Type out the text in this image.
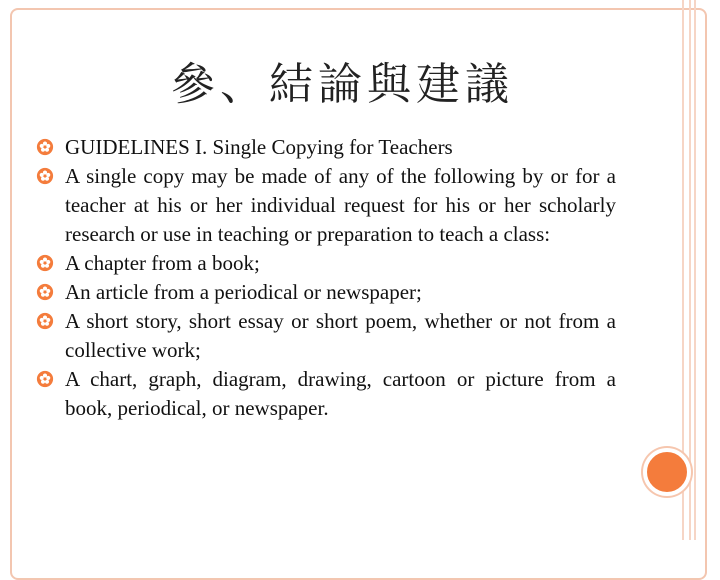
參、結論與建議
GUIDELINES I. Single Copying for Teachers
A single copy may be made of any of the following by or for a teacher at his or her individual request for his or her scholarly research or use in teaching or preparation to teach a class:
A chapter from a book;
An article from a periodical or newspaper;
A short story, short essay or short poem, whether or not from a collective work;
A chart, graph, diagram, drawing, cartoon or picture from a book, periodical, or newspaper.
